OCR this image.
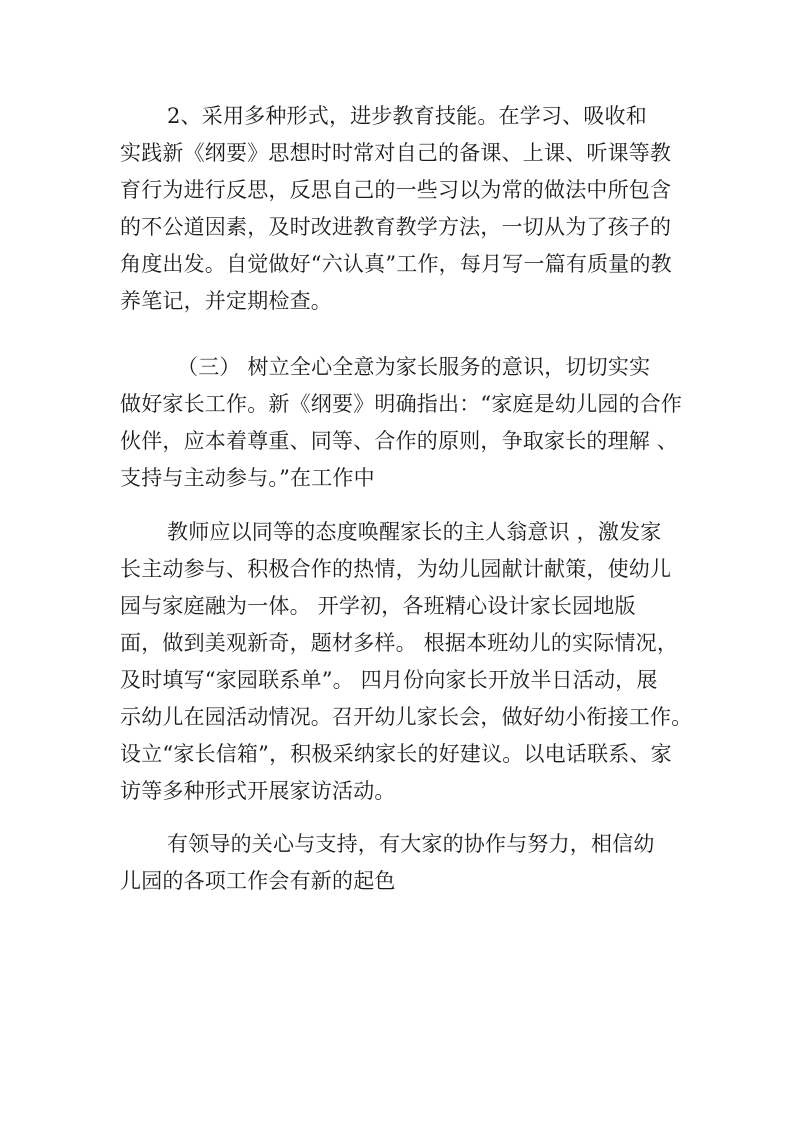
2、采用多种形式，进步教育技能。在学习、吸收和
实践新《纲要》思想时时常对自己的备课、上课、听课等教
育行为进行反思，反思自己的一些习以为常的做法中所包含
的不公道因素，及时改进教育教学方法，一切从为了孩子的
角度出发。自觉做好“六认真”工作，每月写一篇有质量的教
养笔记，并定期检查。
（三） 树立全心全意为家长服务的意识，切切实实
做好家长工作。新《纲要》明确指出：“家庭是幼儿园的合作
伙伴，应本着尊重、同等、合作的原则，争取家长的理解 、
支持与主动参与。”在工作中
教师应以同等的态度唤醒家长的主人翁意识 ，激发家
长主动参与、积极合作的热情，为幼儿园献计献策，使幼儿
园与家庭融为一体。 开学初，各班精心设计家长园地版
面，做到美观新奇，题材多样。 根据本班幼儿的实际情况，
及时填写“家园联系单”。 四月份向家长开放半日活动，展
示幼儿在园活动情况。召开幼儿家长会，做好幼小衔接工作。
设立“家长信箱”，积极采纳家长的好建议。以电话联系、家
访等多种形式开展家访活动。
有领导的关心与支持，有大家的协作与努力，相信幼
儿园的各项工作会有新的起色
